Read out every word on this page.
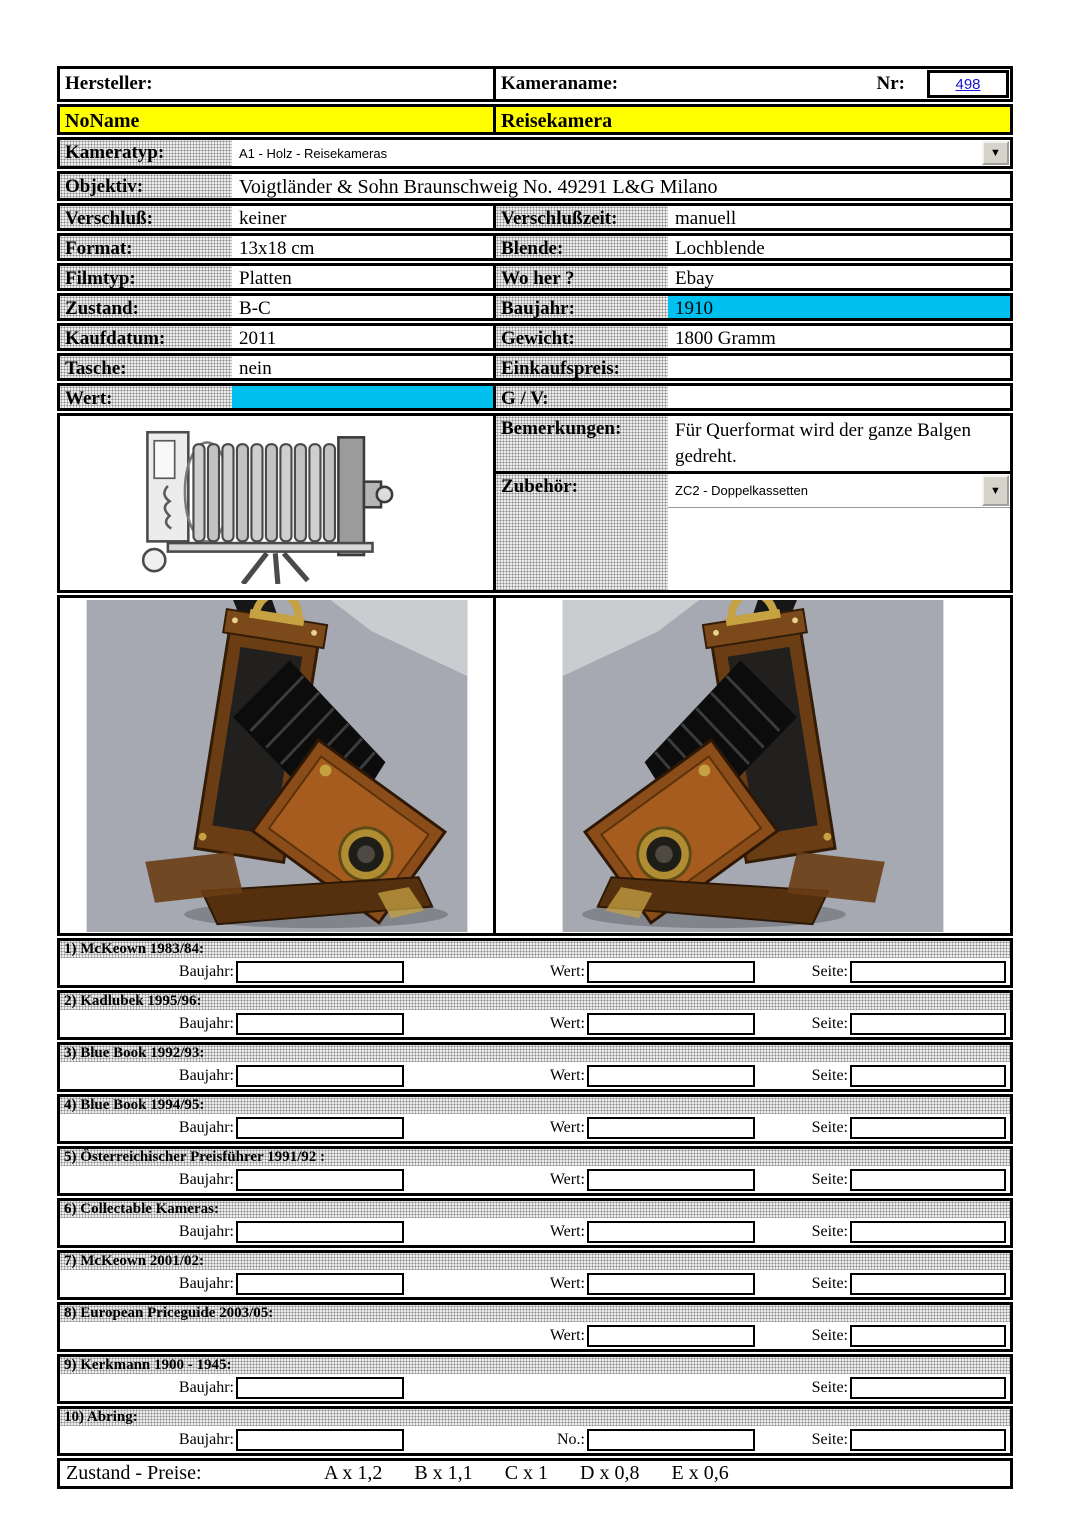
Hersteller:	Kameraname:	Nr:	498
NoName	Reisekamera
Kameratyp:	A1 - Holz - Reisekameras	▼
Objektiv:	Voigtländer & Sohn Braunschweig No. 49291 L&G Milano
Verschluß:	keiner	Verschlußzeit:	manuell
Format:	13x18 cm	Blende:	Lochblende
Filmtyp:	Platten	Wo her ?	Ebay
Zustand:	B-C	Baujahr:	1910
Kaufdatum:	2011	Gewicht:	1800 Gramm
Tasche:	nein	Einkaufspreis:
Wert:	G / V:
Bemerkungen:	Für Querformat wird der ganze Balgen gedreht.
Zubehör:	ZC2 - Doppelkassetten	▼
1) McKeown 1983/84:
Baujahr:	Wert:	Seite:
2) Kadlubek 1995/96:
Baujahr:	Wert:	Seite:
3) Blue Book 1992/93:
Baujahr:	Wert:	Seite:
4) Blue Book 1994/95:
Baujahr:	Wert:	Seite:
5) Österreichischer Preisführer 1991/92 :
Baujahr:	Wert:	Seite:
6) Collectable Kameras:
Baujahr:	Wert:	Seite:
7) McKeown 2001/02:
Baujahr:	Wert:	Seite:
8) European Priceguide 2003/05:
Wert:	Seite:
9) Kerkmann 1900 - 1945:
Baujahr:	Seite:
10) Abring:
Baujahr:	No.:	Seite:
Zustand - Preise:	A x 1,2 B x 1,1 C x 1 D x 0,8 E x 0,6
